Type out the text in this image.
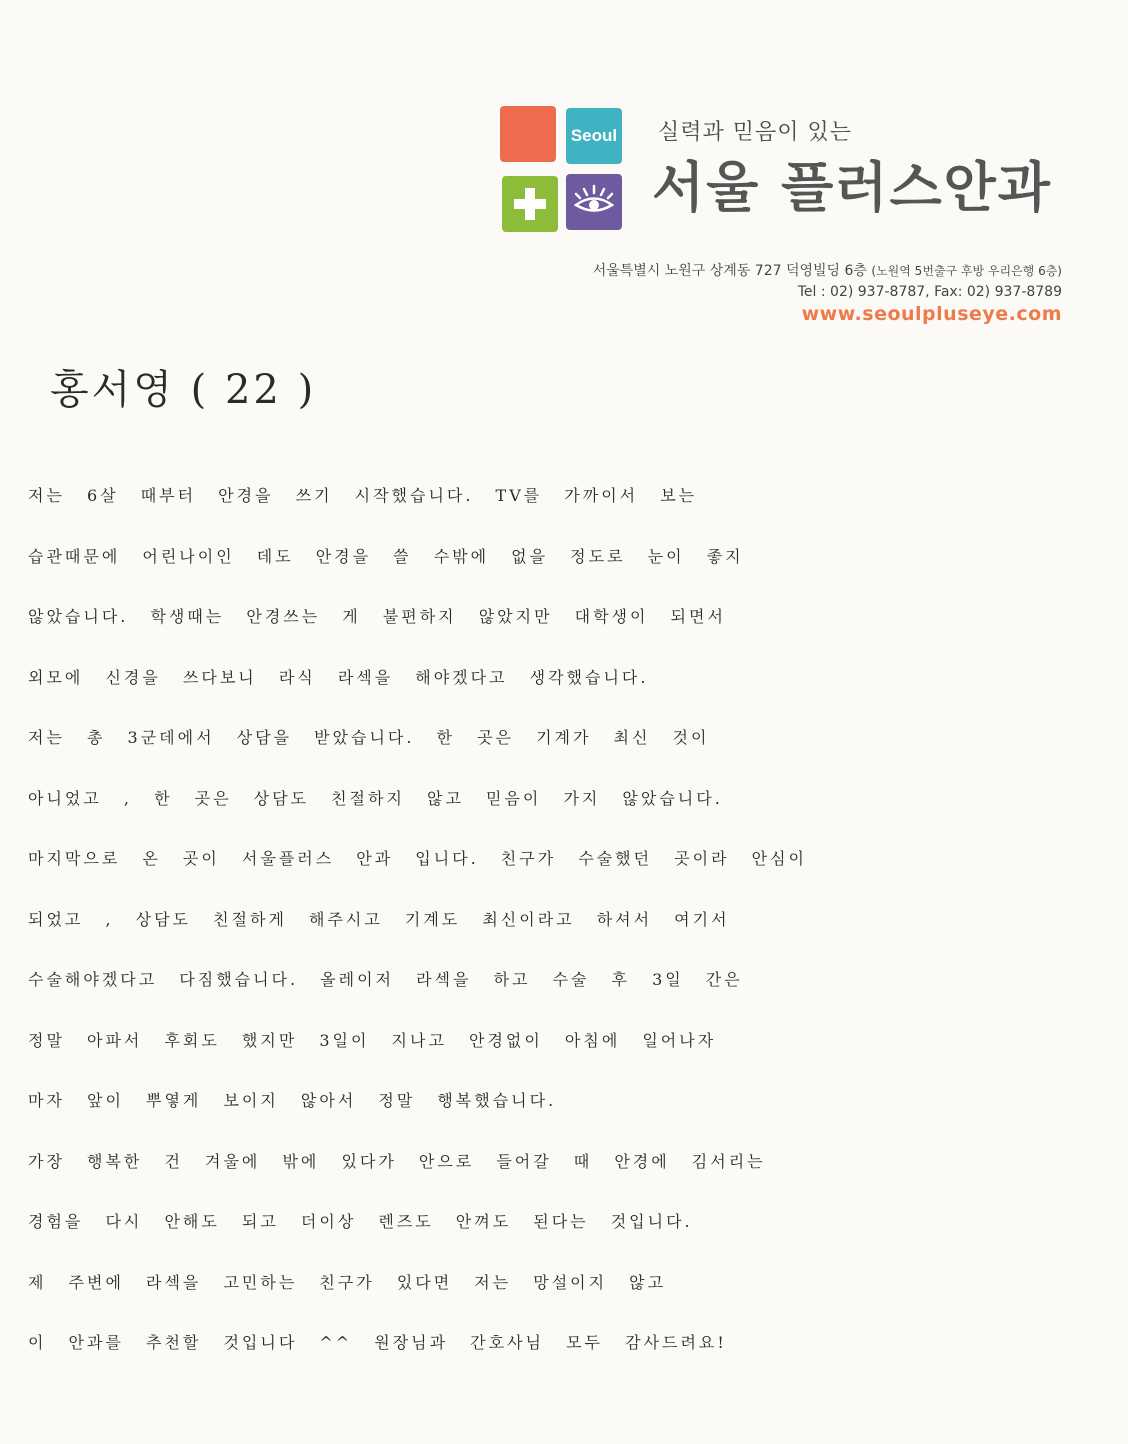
Seoul 실력과 믿음이 있는
서울 플러스안과
서울특별시 노원구 상계동 727 덕영빌딩 6층 (노원역 5번출구 후방 우리은행 6층)
Tel : 02) 937-8787, Fax: 02) 937-8789
www.seoulpluseye.com
홍서영 ( 22 )
저는 6살 때부터 안경을 쓰기 시작했습니다. TV를 가까이서 보는
습관때문에 어린나이인 데도 안경을 쓸 수밖에 없을 정도로 눈이 좋지
않았습니다. 학생때는 안경쓰는 게 불편하지 않았지만 대학생이 되면서
외모에 신경을 쓰다보니 라식 라섹을 해야겠다고 생각했습니다.
저는 총 3군데에서 상담을 받았습니다. 한 곳은 기계가 최신 것이
아니었고 , 한 곳은 상담도 친절하지 않고 믿음이 가지 않았습니다.
마지막으로 온 곳이 서울플러스 안과 입니다. 친구가 수술했던 곳이라 안심이
되었고 , 상담도 친절하게 해주시고 기계도 최신이라고 하셔서 여기서
수술해야겠다고 다짐했습니다. 올레이저 라섹을 하고 수술 후 3일 간은
정말 아파서 후회도 했지만 3일이 지나고 안경없이 아침에 일어나자
마자 앞이 뿌옇게 보이지 않아서 정말 행복했습니다.
가장 행복한 건 겨울에 밖에 있다가 안으로 들어갈 때 안경에 김서리는
경험을 다시 안해도 되고 더이상 렌즈도 안껴도 된다는 것입니다.
제 주변에 라섹을 고민하는 친구가 있다면 저는 망설이지 않고
이 안과를 추천할 것입니다 ^^ 원장님과 간호사님 모두 감사드려요!
